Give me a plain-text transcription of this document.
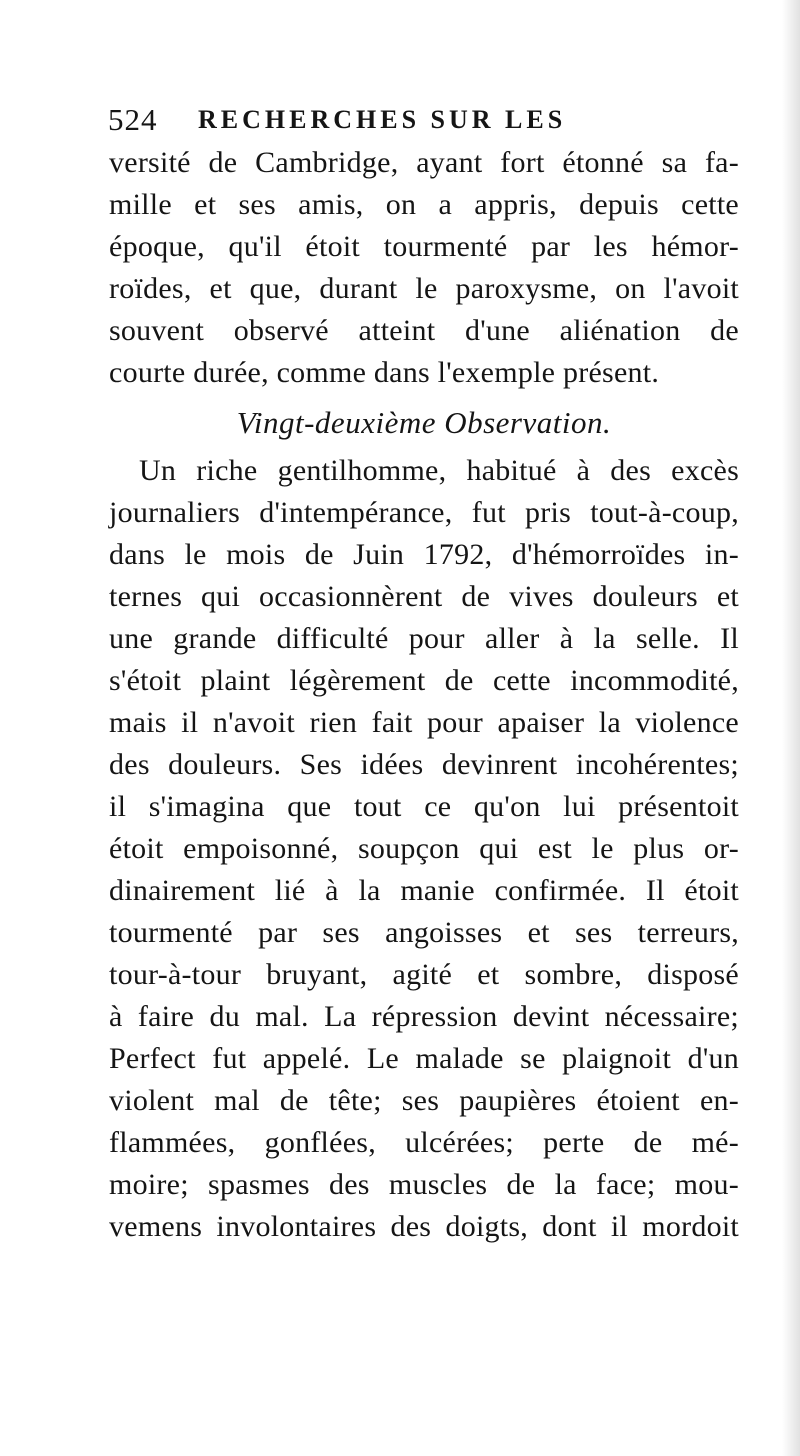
524 RECHERCHES SUR LES
versité de Cambridge, ayant fort étonné sa fa-
mille et ses amis, on a appris, depuis cette
époque, qu'il étoit tourmenté par les hémor-
roïdes, et que, durant le paroxysme, on l'avoit
souvent observé atteint d'une aliénation de
courte durée, comme dans l'exemple présent.
Vingt-deuxième Observation.
Un riche gentilhomme, habitué à des excès
journaliers d'intempérance, fut pris tout-à-coup,
dans le mois de Juin 1792, d'hémorroïdes in-
ternes qui occasionnèrent de vives douleurs et
une grande difficulté pour aller à la selle. Il
s'étoit plaint légèrement de cette incommodité,
mais il n'avoit rien fait pour apaiser la violence
des douleurs. Ses idées devinrent incohérentes;
il s'imagina que tout ce qu'on lui présentoit
étoit empoisonné, soupçon qui est le plus or-
dinairement lié à la manie confirmée. Il étoit
tourmenté par ses angoisses et ses terreurs,
tour-à-tour bruyant, agité et sombre, disposé
à faire du mal. La répression devint nécessaire;
Perfect fut appelé. Le malade se plaignoit d'un
violent mal de tête; ses paupières étoient en-
flammées, gonflées, ulcérées; perte de mé-
moire; spasmes des muscles de la face; mou-
vemens involontaires des doigts, dont il mordoit
